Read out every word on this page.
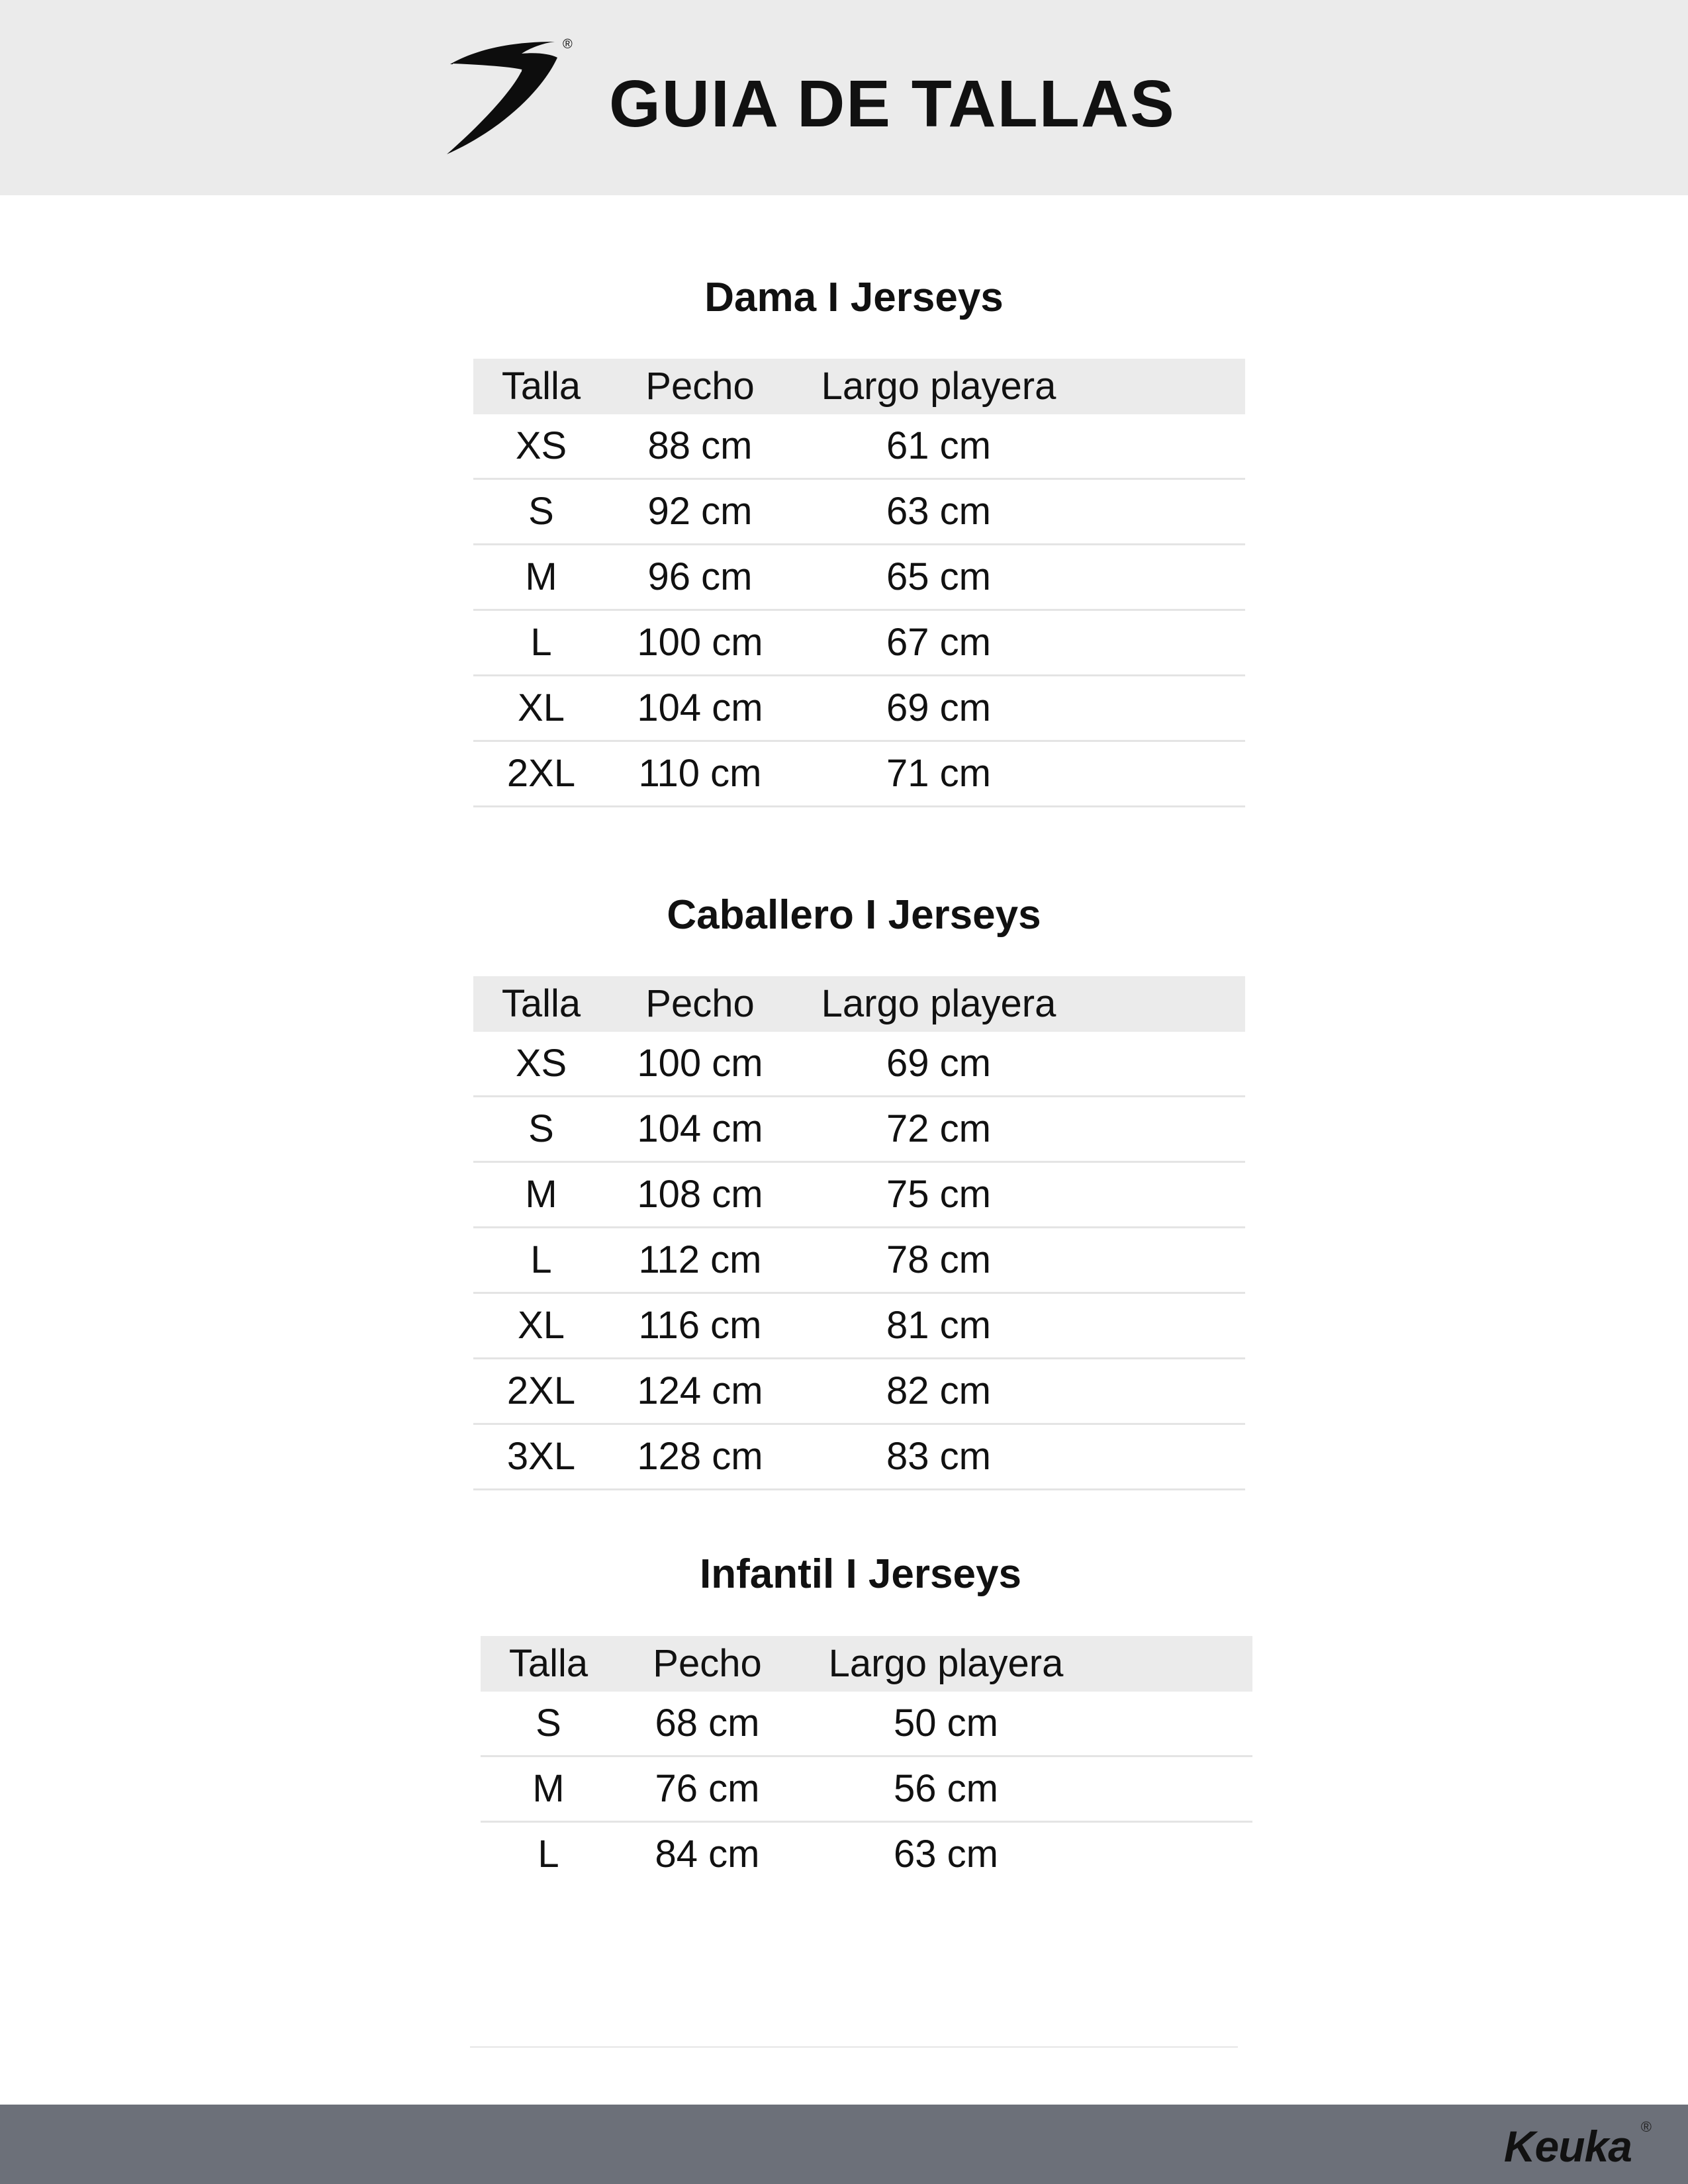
®
GUIA DE TALLAS
Dama I Jerseys
Talla	Pecho	Largo playera	
XS	88 cm	61 cm	
S	92 cm	63 cm	
M	96 cm	65 cm	
L	100 cm	67 cm	
XL	104 cm	69 cm	
2XL	110 cm	71 cm	
Caballero I Jerseys
Talla	Pecho	Largo playera	
XS	100 cm	69 cm	
S	104 cm	72 cm	
M	108 cm	75 cm	
L	112 cm	78 cm	
XL	116 cm	81 cm	
2XL	124 cm	82 cm	
3XL	128 cm	83 cm	
Infantil I Jerseys
Talla	Pecho	Largo playera	
S	68 cm	50 cm	
M	76 cm	56 cm	
L	84 cm	63 cm	
Keuka ®
